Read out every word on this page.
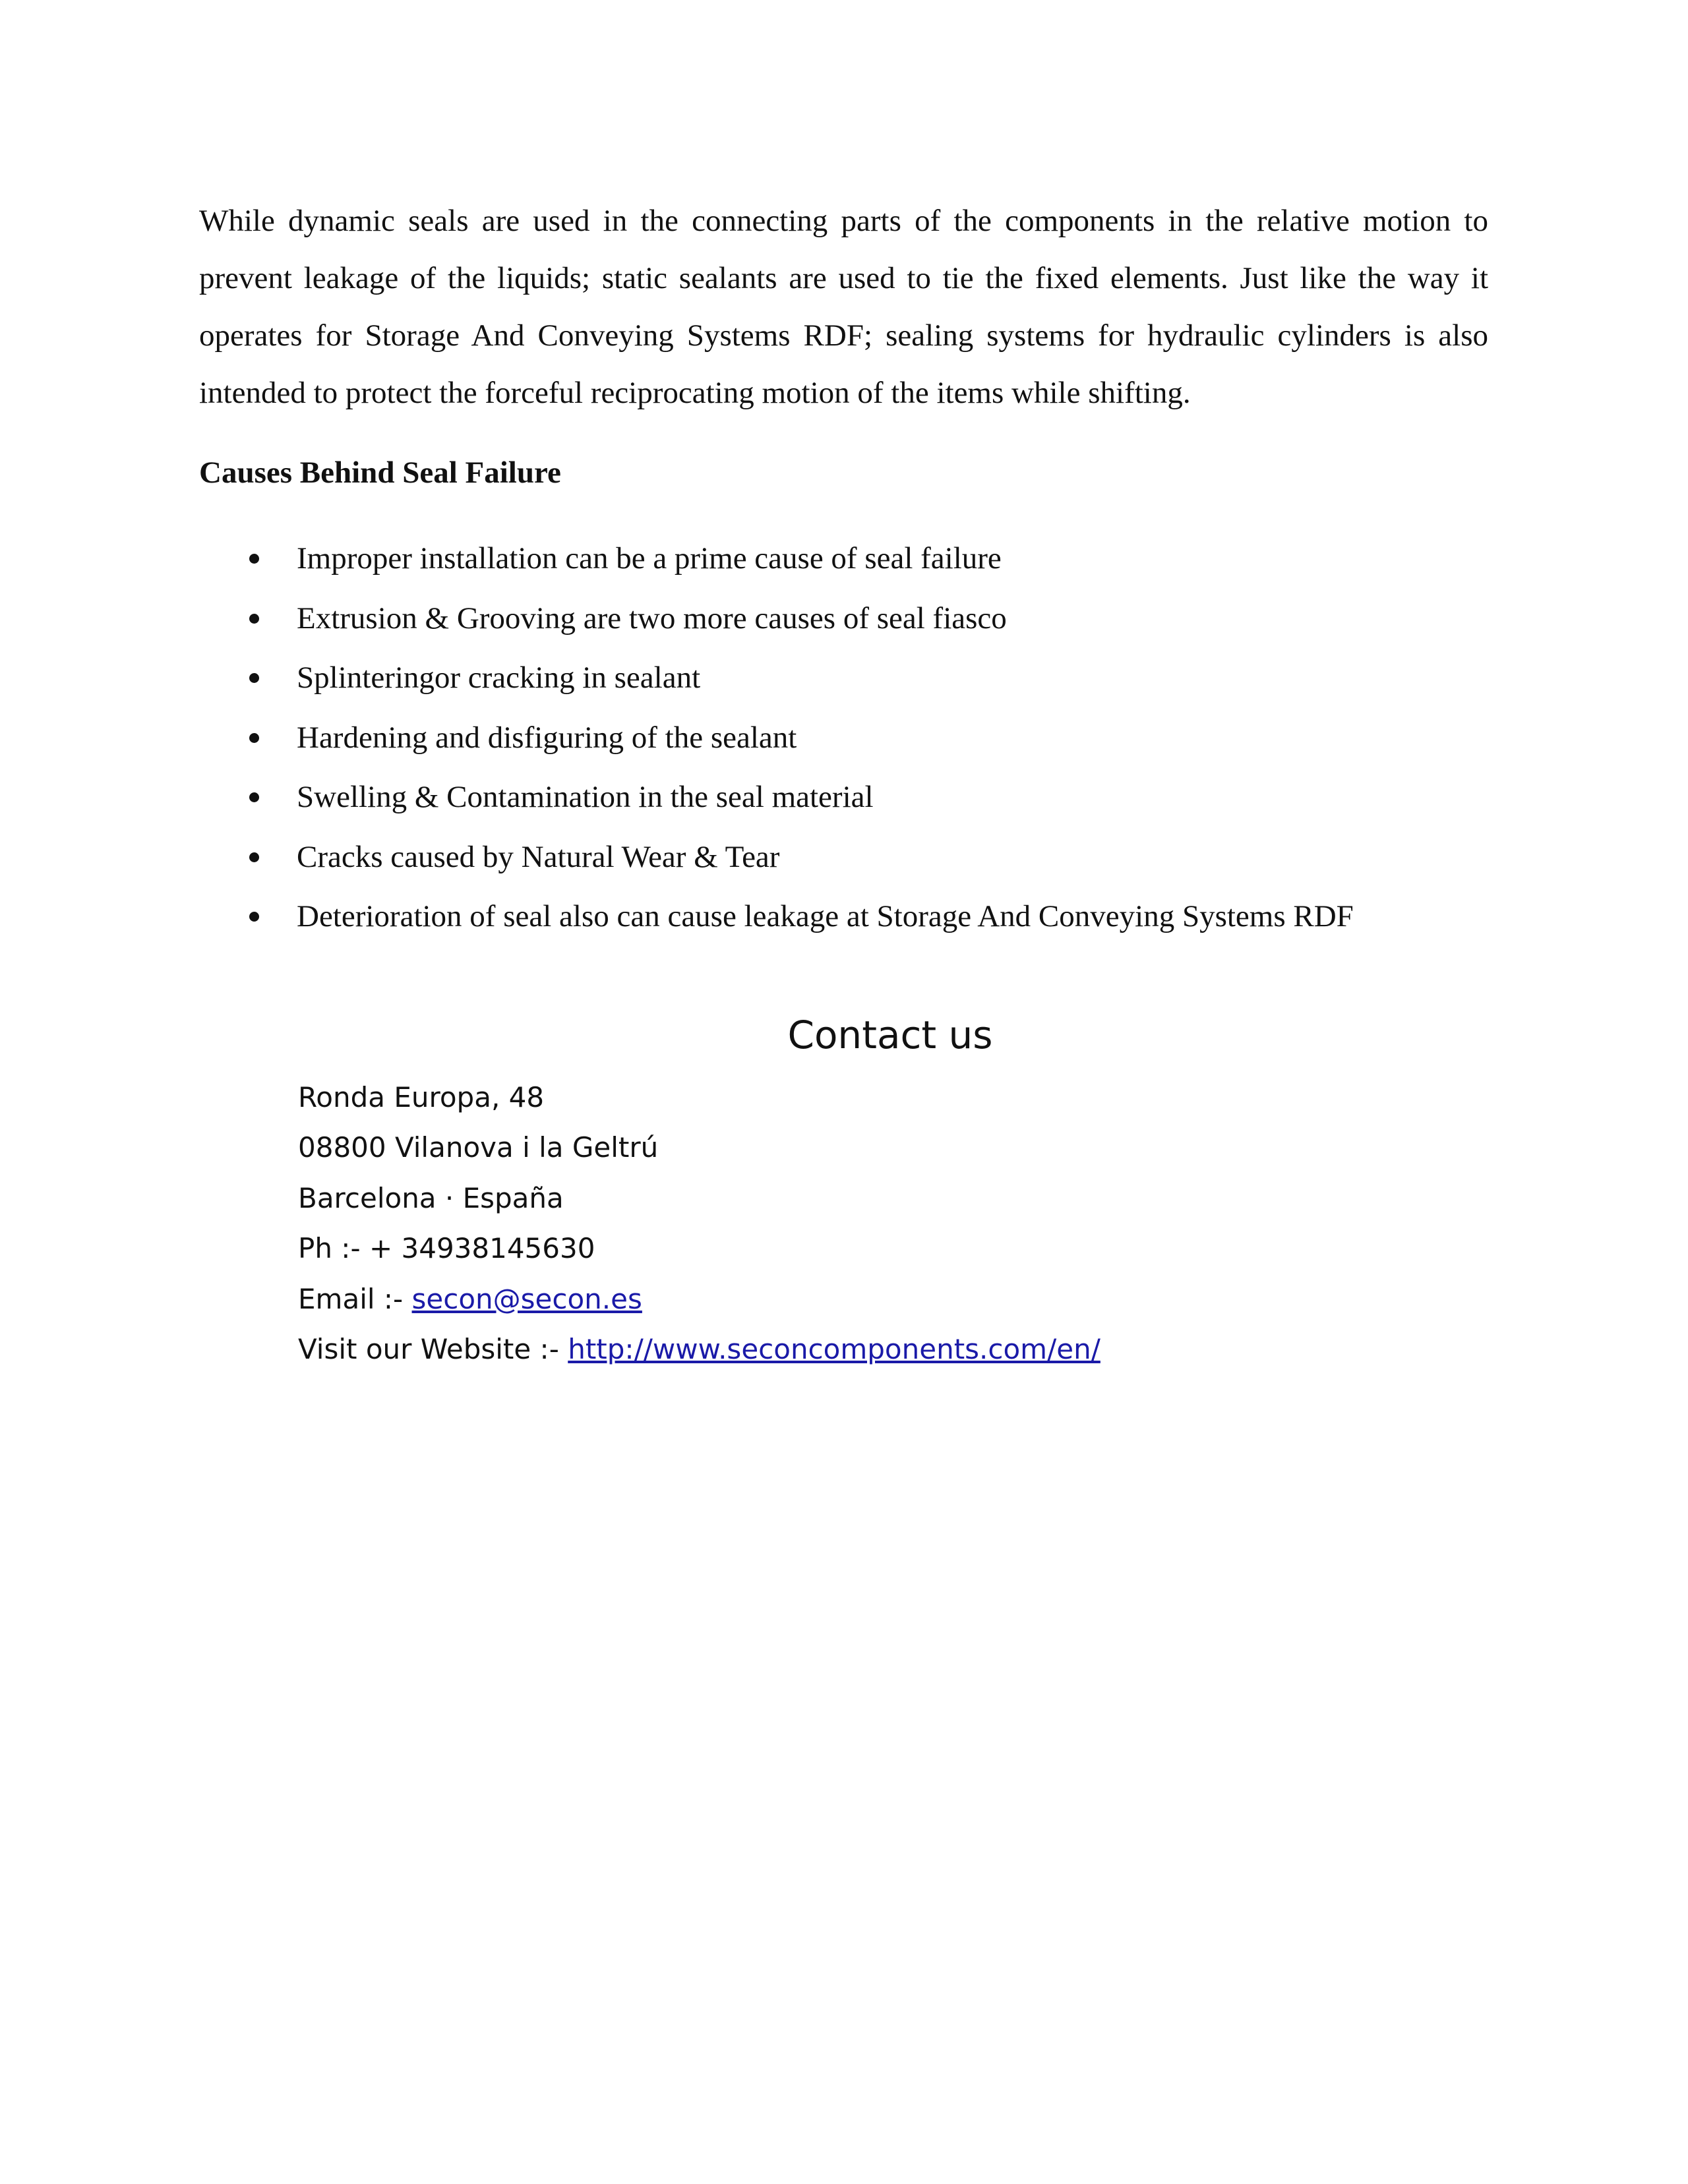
While dynamic seals are used in the connecting parts of the components in the relative motion to prevent leakage of the liquids; static sealants are used to tie the fixed elements. Just like the way it operates for Storage And Conveying Systems RDF; sealing systems for hydraulic cylinders is also intended to protect the forceful reciprocating motion of the items while shifting.

Causes Behind Seal Failure
Improper installation can be a prime cause of seal failure
Extrusion & Grooving are two more causes of seal fiasco
Splinteringor cracking in sealant
Hardening and disfiguring of the sealant
Swelling & Contamination in the seal material
Cracks caused by Natural Wear & Tear
Deterioration of seal also can cause leakage at Storage And Conveying Systems RDF
Contact us
Ronda Europa, 48
08800 Vilanova i la Geltrú
Barcelona · España
Ph :- + 34938145630
Email :- secon@secon.es
Visit our Website :- http://www.seconcomponents.com/en/
